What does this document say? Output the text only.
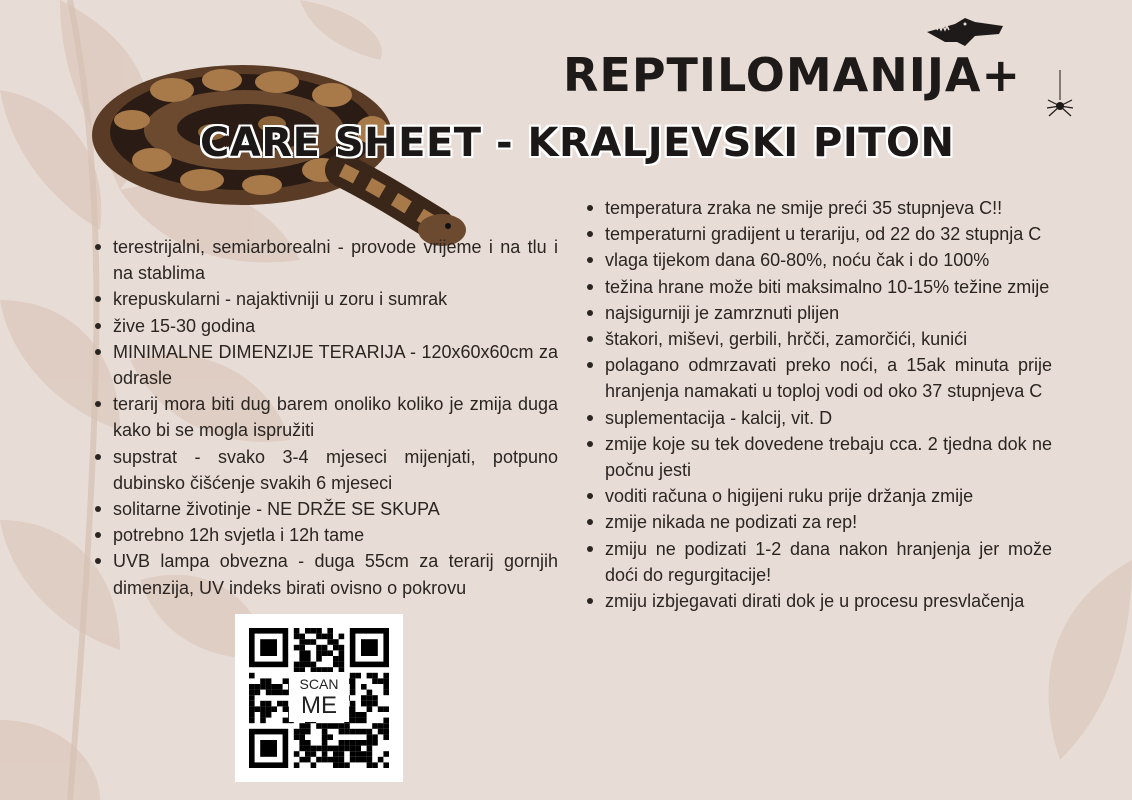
REPTILOMANIJA+
CARE SHEET - KRALJEVSKI PITON
terestrijalni, semiarborealni - provode vrijeme i na tlu i na stablima
krepuskularni - najaktivniji u zoru i sumrak
žive 15-30 godina
MINIMALNE DIMENZIJE TERARIJA - 120x60x60cm za odrasle
terarij mora biti dug barem onoliko koliko je zmija duga kako bi se mogla ispružiti
supstrat - svako 3-4 mjeseci mijenjati, potpuno dubinsko čišćenje svakih 6 mjeseci
solitarne životinje - NE DRŽE SE SKUPA
potrebno 12h svjetla i 12h tame
UVB lampa obvezna - duga 55cm za terarij gornjih dimenzija, UV indeks birati ovisno o pokrovu
temperatura zraka ne smije preći 35 stupnjeva C!!
temperaturni gradijent u terariju, od 22 do 32 stupnja C
vlaga tijekom dana 60-80%, noću čak i do 100%
težina hrane može biti maksimalno 10-15% težine zmije
najsigurniji je zamrznuti plijen
štakori, miševi, gerbili, hrčči, zamorčići, kunići
polagano odmrzavati preko noći, a 15ak minuta prije hranjenja namakati u toploj vodi od oko 37 stupnjeva C
suplementacija - kalcij, vit. D
zmije koje su tek dovedene trebaju cca. 2 tjedna dok ne počnu jesti
voditi računa o higijeni ruku prije držanja zmije
zmije nikada ne podizati za rep!
zmiju ne podizati 1-2 dana nakon hranjenja jer može doći do regurgitacije!
zmiju izbjegavati dirati dok je u procesu presvlačenja
SCAN
ME
